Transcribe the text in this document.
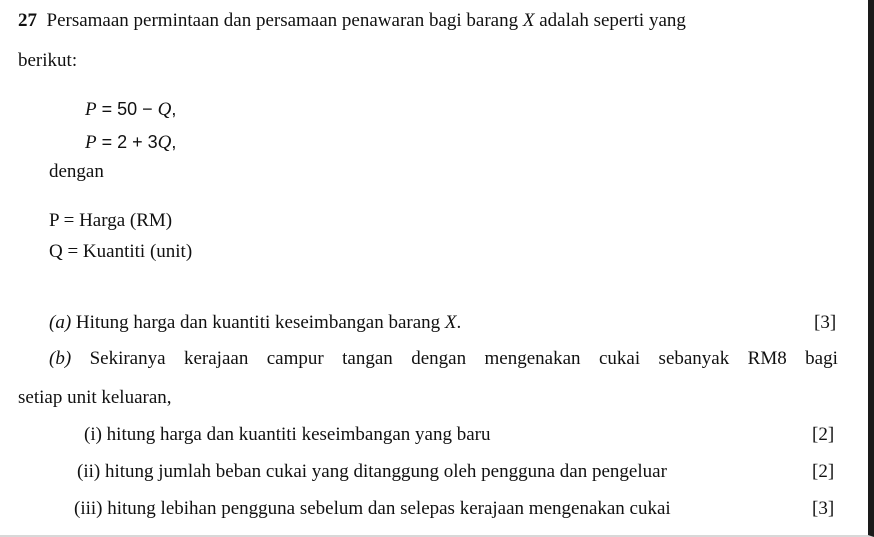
27 Persamaan permintaan dan persamaan penawaran bagi barang X adalah seperti yang
berikut:
P = 50 − Q,
P = 2 + 3Q,
dengan
P = Harga (RM)
Q = Kuantiti (unit)
(a) Hitung harga dan kuantiti keseimbangan barang X.	[3]
(b) Sekiranya kerajaan campur tangan dengan mengenakan cukai sebanyak RM8 bagi
setiap unit keluaran,
(i) hitung harga dan kuantiti keseimbangan yang baru	[2]
(ii) hitung jumlah beban cukai yang ditanggung oleh pengguna dan pengeluar	[2]
(iii) hitung lebihan pengguna sebelum dan selepas kerajaan mengenakan cukai	[3]
